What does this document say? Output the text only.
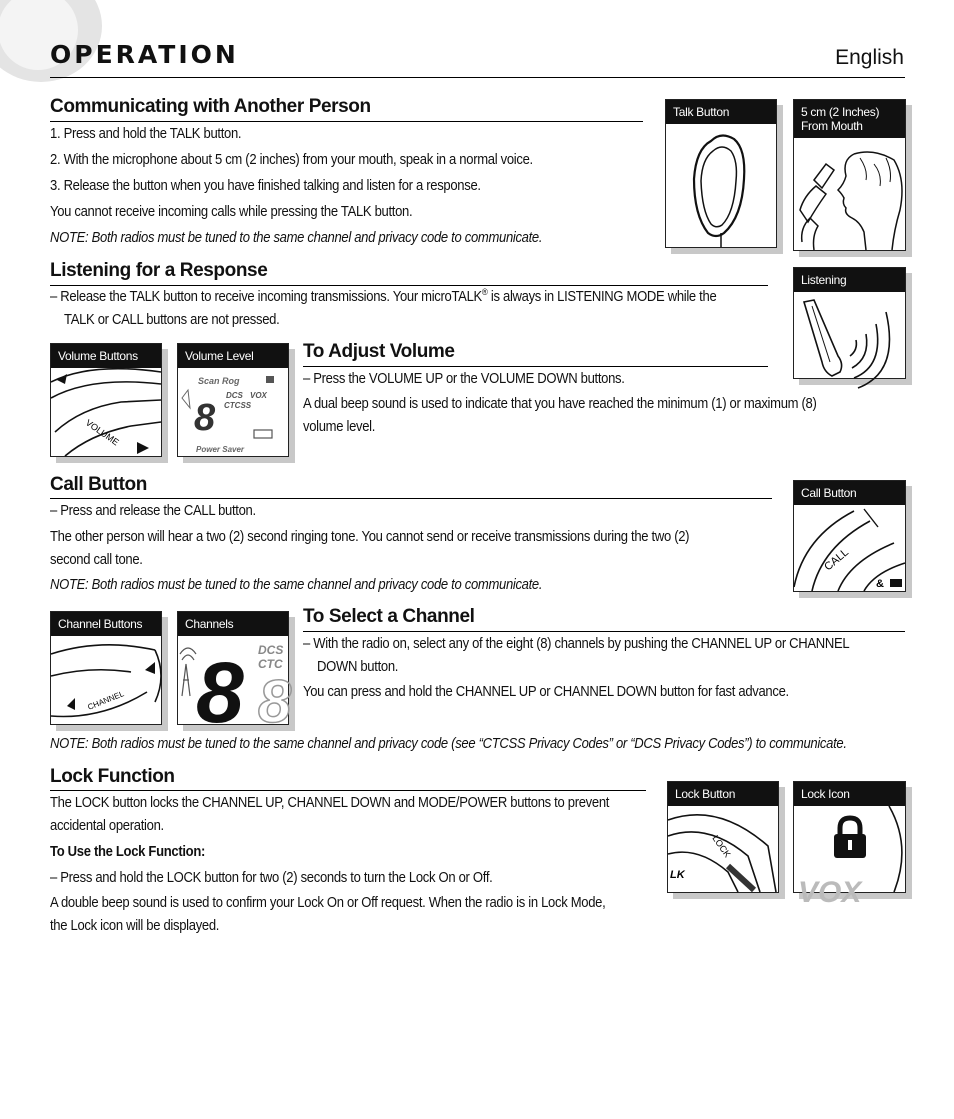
OPERATION	English
Communicating with Another Person

1. Press and hold the TALK button.

2. With the microphone about 5 cm (2 inches) from your mouth, speak in a normal voice.

3. Release the button when you have finished talking and listen for a response.

You cannot receive incoming calls while pressing the TALK button.

NOTE: Both radios must be tuned to the same channel and privacy code to communicate.

Listening for a Response

– Release the TALK button to receive incoming transmissions. Your microTALK® is always in LISTENING MODE while the

TALK or CALL buttons are not pressed.

To Adjust Volume

– Press the VOLUME UP or the VOLUME DOWN buttons.

A dual beep sound is used to indicate that you have reached the minimum (1) or maximum (8)

volume level.

Call Button

– Press and release the CALL button.

The other person will hear a two (2) second ringing tone. You cannot send or receive transmissions during the two (2)

second call tone.

NOTE: Both radios must be tuned to the same channel and privacy code to communicate.

To Select a Channel

– With the radio on, select any of the eight (8) channels by pushing the CHANNEL UP or CHANNEL

DOWN button.

You can press and hold the CHANNEL UP or CHANNEL DOWN button for fast advance.

NOTE: Both radios must be tuned to the same channel and privacy code (see “CTCSS Privacy Codes” or “DCS Privacy Codes”) to communicate.

Lock Function

The LOCK button locks the CHANNEL UP, CHANNEL DOWN and MODE/POWER buttons to prevent

accidental operation.

To Use the Lock Function:

– Press and hold the LOCK button for two (2) seconds to turn the Lock On or Off.

A double beep sound is used to confirm your Lock On or Off request. When the radio is in Lock Mode,

the Lock icon will be displayed.

Talk Button	5 cm (2 Inches)
From Mouth
Listening
Volume Buttons
VOLUME
Volume Level
Scan Rog
8
DCS VOX
CTCSS
Power Saver
Call Button
CALL
&
Channel Buttons
CHANNEL
Channels
8 8
DCS
CTC
Lock Button
LOCK
LK
Lock Icon
VOX
